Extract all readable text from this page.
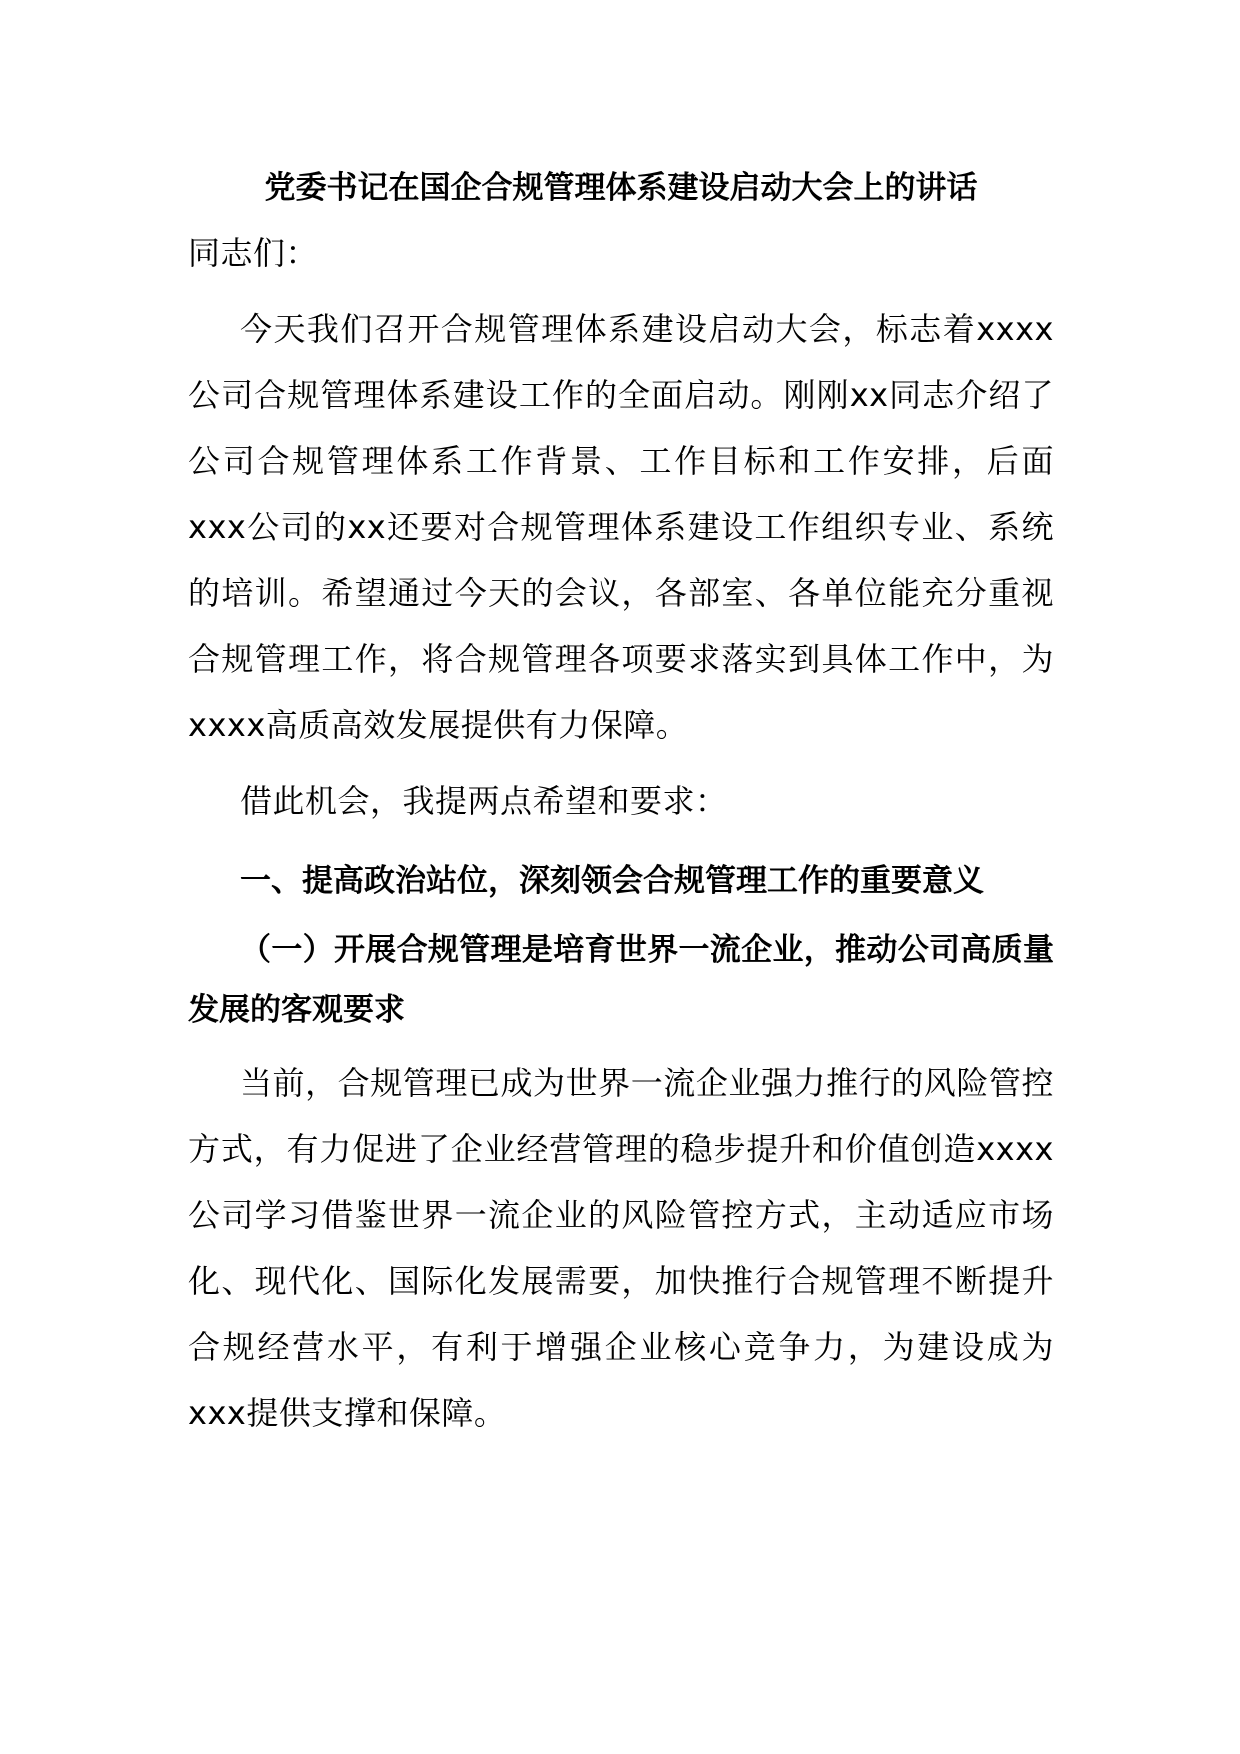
党委书记在国企合规管理体系建设启动大会上的讲话

同志们：

今天我们召开合规管理体系建设启动大会，标志着xxxx公司合规管理体系建设工作的全面启动。刚刚xx同志介绍了公司合规管理体系工作背景、工作目标和工作安排，后面xxx公司的xx还要对合规管理体系建设工作组织专业、系统的培训。希望通过今天的会议，各部室、各单位能充分重视合规管理工作，将合规管理各项要求落实到具体工作中，为xxxx高质高效发展提供有力保障。

借此机会，我提两点希望和要求：

一、提高政治站位，深刻领会合规管理工作的重要意义
（一）开展合规管理是培育世界一流企业，推动公司高质量发展的客观要求

当前，合规管理已成为世界一流企业强力推行的风险管控方式，有力促进了企业经营管理的稳步提升和价值创造xxxx公司学习借鉴世界一流企业的风险管控方式，主动适应市场化、现代化、国际化发展需要，加快推行合规管理不断提升合规经营水平，有利于增强企业核心竞争力，为建设成为xxx提供支撑和保障。
